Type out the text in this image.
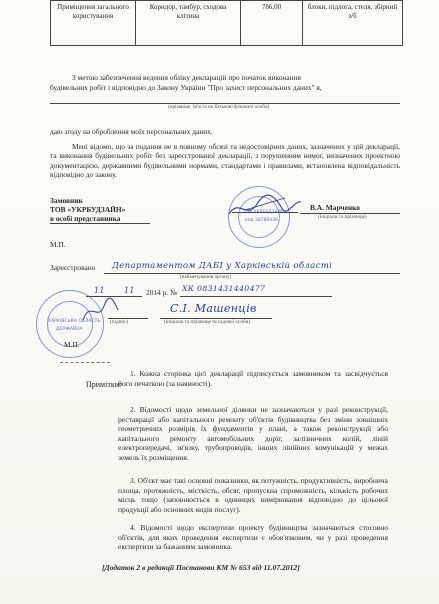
Приміщення загального користування	Коридор, тамбур, сходова клітина	786,00	блоки, підлога, стеля, збірний з/б
З метою забезпечення ведення обліку декларацій про початок виконання
будівельних робіт і відповідно до Закону України "Про захист персональних даних" я,
(прізвище, ім'я та по батькові фізичної особи)
даю згоду на оброблення моїх персональних даних.
Мені відомо, що за подання не в повному обсязі та недостовірних даних, зазначених у цій декларації, та виконання будівельних робіт без зареєстрованої декларації, з порушенням вимог, визначених проектною документацією, державними будівельними нормами, стандартами і правилами, встановлена відповідальність відповідно до закону.
Замовник
ТОВ «УКРБУДЗАЙН»
в особі представника
В.А. Марченко
(ініціали та прізвище)
ТОВ УКРБУДЗАЙН
код 38789438
М.П.
Зареєстровано Департаментом ДАБІ у Харківській області
(найменування органу)
11 11 2014 р. № ХК 0831431440477
(підпис)
С.І. Машенців
(ініціали та прізвище посадової особи)
ХАРКІВСЬКА ОБЛАСТЬ
ДЕРЖАВНА
М.П.
Примітки:
1. Кожна сторінка цієї декларації підписується замовником та засвідчується його печаткою (за наявності).
2. Відомості щодо земельної ділянки не зазначаються у разі реконструкції, реставрації або капітального ремонту об'єктів будівництва без зміни зовнішніх геометричних розмірів їх фундаментів у плані, а також реконструкції або капітального ремонту автомобільних доріг, залізничних колій, ліній електропередачі, зв'язку, трубопроводів, інших лінійних комунікацій у межах земель їх розміщення.
3. Об'єкт має такі основні показники, як потужність, продуктивність, виробнича площа, протяжність, місткість, обсяг, пропускна спроможність, кількість робочих місць тощо (заповнюється в одиницях вимірювання відповідно до цільової продукції або основних видів послуг).
4. Відомості щодо експертизи проекту будівництва зазначаються стосовно об'єктів, для яких проведення експертизи є обов'язковим, чи у разі проведення експертизи за бажанням замовника.
[Додаток 2 в редакції Постанови КМ № 653 від 11.07.2012]
